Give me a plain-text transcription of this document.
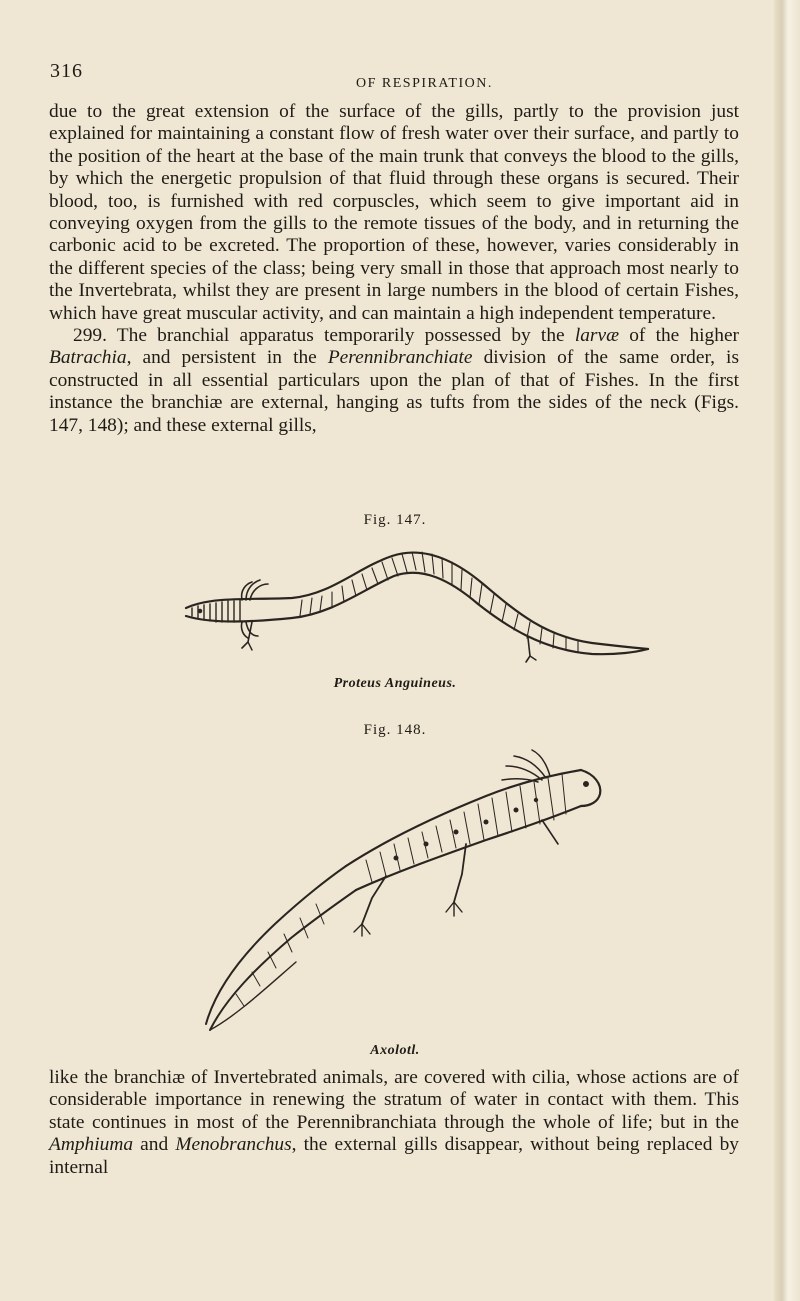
316
OF RESPIRATION.

due to the great extension of the surface of the gills, partly to the provision just explained for maintaining a constant flow of fresh water over their surface, and partly to the position of the heart at the base of the main trunk that conveys the blood to the gills, by which the energetic propulsion of that fluid through these organs is secured. Their blood, too, is furnished with red corpuscles, which seem to give important aid in conveying oxygen from the gills to the remote tissues of the body, and in returning the carbonic acid to be excreted. The proportion of these, however, varies considerably in the different species of the class; being very small in those that approach most nearly to the Invertebrata, whilst they are present in large numbers in the blood of certain Fishes, which have great muscular activity, and can maintain a high independent temperature.

299. The branchial apparatus temporarily possessed by the larvæ of the higher Batrachia, and persistent in the Perennibranchiate division of the same order, is constructed in all essential particulars upon the plan of that of Fishes. In the first instance the branchiæ are external, hanging as tufts from the sides of the neck (Figs. 147, 148); and these external gills,

Fig. 147.
Proteus Anguineus.
Fig. 148.
Axolotl.

like the branchiæ of Invertebrated animals, are covered with cilia, whose actions are of considerable importance in renewing the stratum of water in contact with them. This state continues in most of the Perennibranchiata through the whole of life; but in the Amphiuma and Menobranchus, the external gills disappear, without being replaced by internal
